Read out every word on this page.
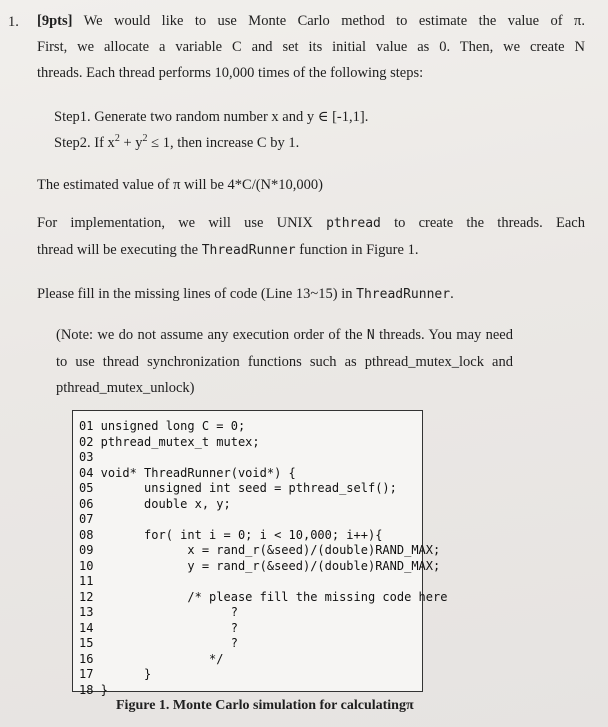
1. [9pts] We would like to use Monte Carlo method to estimate the value of π.
First, we allocate a variable C and set its initial value as 0. Then, we create N
threads. Each thread performs 10,000 times of the following steps:
Step1. Generate two random number x and y ∈ [-1,1].
Step2. If $x^2 + y^2 \le 1$, then increase C by 1.
The estimated value of π will be 4*C/(N*10,000)
For implementation, we will use UNIX pthread to create the threads. Each
thread will be executing the ThreadRunner function in Figure 1.
Please fill in the missing lines of code (Line 13~15) in ThreadRunner.
(Note: we do not assume any execution order of the N threads. You may need
to use thread synchronization functions such as pthread_mutex_lock and
pthread_mutex_unlock)
01 unsigned long C = 0;
02 pthread_mutex_t mutex;
03
04 void* ThreadRunner(void*) {
05       unsigned int seed = pthread_self();
06       double x, y;
07
08       for( int i = 0; i < 10,000; i++){
09             x = rand_r(&seed)/(double)RAND_MAX;
10             y = rand_r(&seed)/(double)RAND_MAX;
11
12             /* please fill the missing code here
13                   ?
14                   ?
15                   ?
16                */
17       }
18 }
Figure 1. Monte Carlo simulation for calculatingπ
